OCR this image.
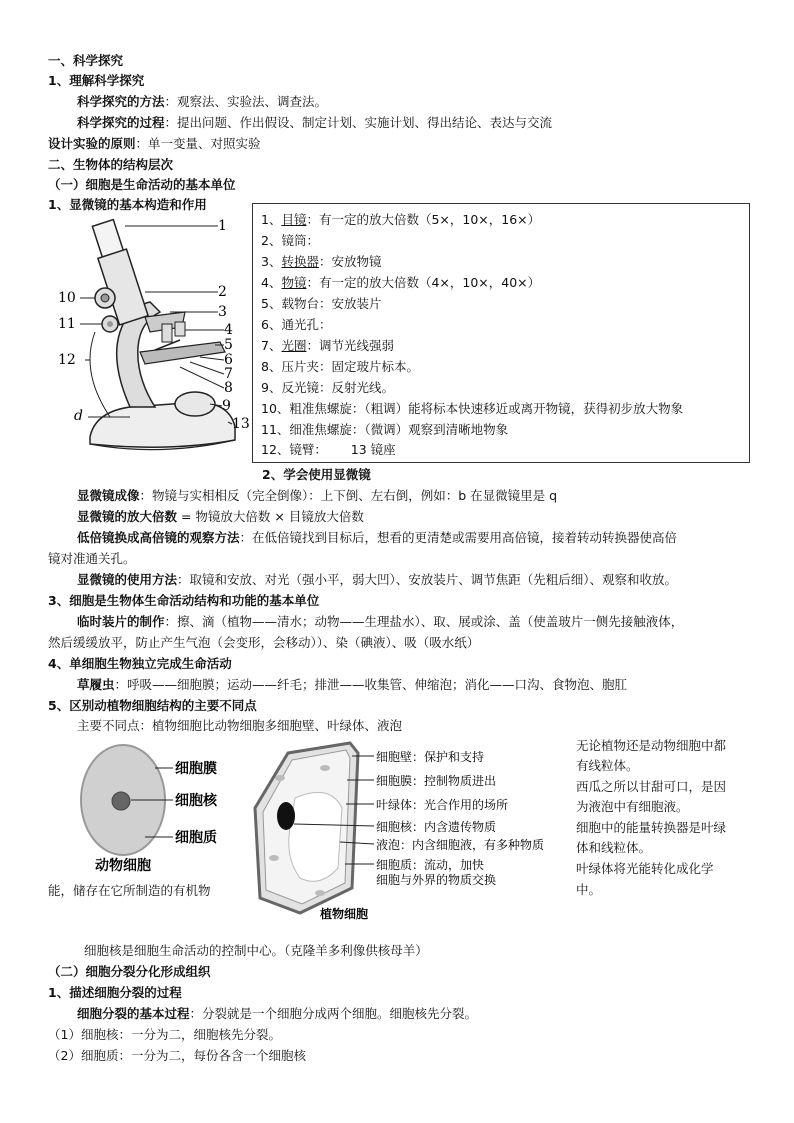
一、科学探究
1、理解科学探究
科学探究的方法：观察法、实验法、调查法。
科学探究的过程：提出问题、作出假设、制定计划、实施计划、得出结论、表达与交流
设计实验的原则：单一变量、对照实验
二、生物体的结构层次
（一）细胞是生命活动的基本单位
1、显微镜的基本构造和作用
1
2
3
4
5
6
7
8
9
10
11
12
13
d
1、目镜：有一定的放大倍数（5×，10×，16×）
2、镜筒：
3、转换器：安放物镜
4、物镜：有一定的放大倍数（4×，10×，40×）
5、载物台：安放装片
6、通光孔：
7、光圈：调节光线强弱
8、压片夹：固定玻片标本。
9、反光镜：反射光线。
10、粗准焦螺旋：（粗调）能将标本快速移近或离开物镜，获得初步放大物象
11、细准焦螺旋：（微调）观察到清晰地物象
12、镜臂：      13 镜座
2、学会使用显微镜
显微镜成像：物镜与实相相反（完全倒像）：上下倒、左右倒，例如：b 在显微镜里是 q
显微镜的放大倍数 = 物镜放大倍数 × 目镜放大倍数
低倍镜换成高倍镜的观察方法：在低倍镜找到目标后，想看的更清楚或需要用高倍镜，接着转动转换器使高倍
镜对准通关孔。
显微镜的使用方法：取镜和安放、对光（强小平，弱大凹）、安放装片、调节焦距（先粗后细）、观察和收放。
3、细胞是生物体生命活动结构和功能的基本单位
临时装片的制作：擦、滴（植物——清水；动物——生理盐水）、取、展或涂、盖（使盖玻片一侧先接触液体，
然后缓缓放平，防止产生气泡（会变形，会移动））、染（碘液）、吸（吸水纸）
4、单细胞生物独立完成生命活动
草履虫：呼吸——细胞膜；运动——纤毛；排泄——收集管、伸缩泡；消化——口沟、食物泡、胞肛
5、区别动植物细胞结构的主要不同点
主要不同点：植物细胞比动物细胞多细胞壁、叶绿体、液泡
细胞膜
细胞核
细胞质
动物细胞
细胞壁：保护和支持
细胞膜：控制物质进出
叶绿体：光合作用的场所
细胞核：内含遗传物质
液泡：内含细胞液，有多种物质
细胞质：流动，加快
细胞与外界的物质交换
植物细胞
无论植物还是动物细胞中都
有线粒体。
西瓜之所以甘甜可口，是因
为液泡中有细胞液。
细胞中的能量转换器是叶绿
体和线粒体。
叶绿体将光能转化成化学
中。
能，储存在它所制造的有机物
细胞核是细胞生命活动的控制中心。（克隆羊多利像供核母羊）
（二）细胞分裂分化形成组织
1、描述细胞分裂的过程
细胞分裂的基本过程：分裂就是一个细胞分成两个细胞。细胞核先分裂。
（1）细胞核：一分为二，细胞核先分裂。
（2）细胞质：一分为二，每份各含一个细胞核
